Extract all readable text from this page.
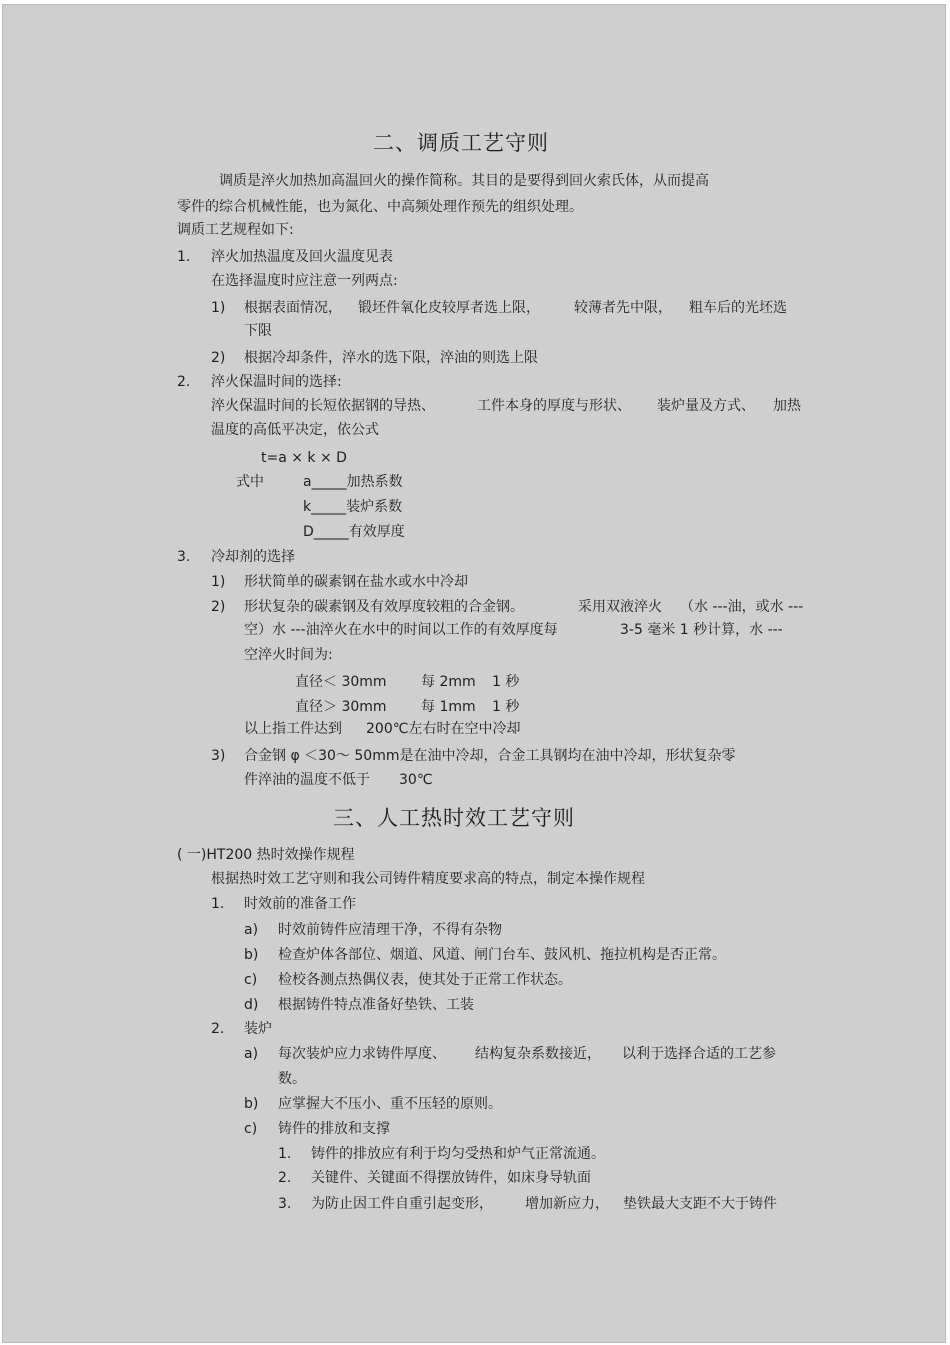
二、调质工艺守则
调质是淬火加热加高温回火的操作简称。其目的是要得到回火索氏体，从而提高
零件的综合机械性能，也为氮化、中高频处理作预先的组织处理。
调质工艺规程如下:
1. 淬火加热温度及回火温度见表
在选择温度时应注意一列两点:
1) 根据表面情况， 锻坯件氧化皮较厚者选上限， 较薄者先中限， 粗车后的光坯选
下限
2) 根据冷却条件，淬水的选下限，淬油的则选上限
2. 淬火保温时间的选择:
淬火保温时间的长短依据钢的导热、	工件本身的厚度与形状、 装炉量及方式、 加热
温度的高低平决定，依公式
t=a × k × D
式中	a_____加热系数
k_____装炉系数
D_____有效厚度
3. 冷却剂的选择
1) 形状简单的碳素钢在盐水或水中冷却
2) 形状复杂的碳素钢及有效厚度较粗的合金钢。	采用双液淬火 （水 ---油，或水 ---
空）水 ---油淬火在水中的时间以工作的有效厚度每	3-5 毫米 1 秒计算，水 ---
空淬火时间为:
直径＜ 30mm 每 2mm 1 秒
直径＞ 30mm 每 1mm 1 秒
以上指工件达到 200℃左右时在空中冷却
3) 合金钢 φ ＜30～ 50mm是在油中冷却，合金工具钢均在油中冷却，形状复杂零
件淬油的温度不低于 30℃
三、人工热时效工艺守则
( 一)HT200 热时效操作规程
根据热时效工艺守则和我公司铸件精度要求高的特点，制定本操作规程
1. 时效前的准备工作
a) 时效前铸件应清理干净，不得有杂物
b) 检查炉体各部位、烟道、风道、闸门台车、鼓风机、拖拉机构是否正常。
c) 检校各测点热偶仪表，使其处于正常工作状态。
d) 根据铸件特点准备好垫铁、工装
2. 装炉
a) 每次装炉应力求铸件厚度、 结构复杂系数接近， 以利于选择合适的工艺参
数。
b) 应掌握大不压小、重不压轻的原则。
c) 铸件的排放和支撑
1. 铸件的排放应有利于均匀受热和炉气正常流通。
2. 关键件、关键面不得摆放铸件，如床身导轨面
3. 为防止因工件自重引起变形， 增加新应力， 垫铁最大支距不大于铸件
